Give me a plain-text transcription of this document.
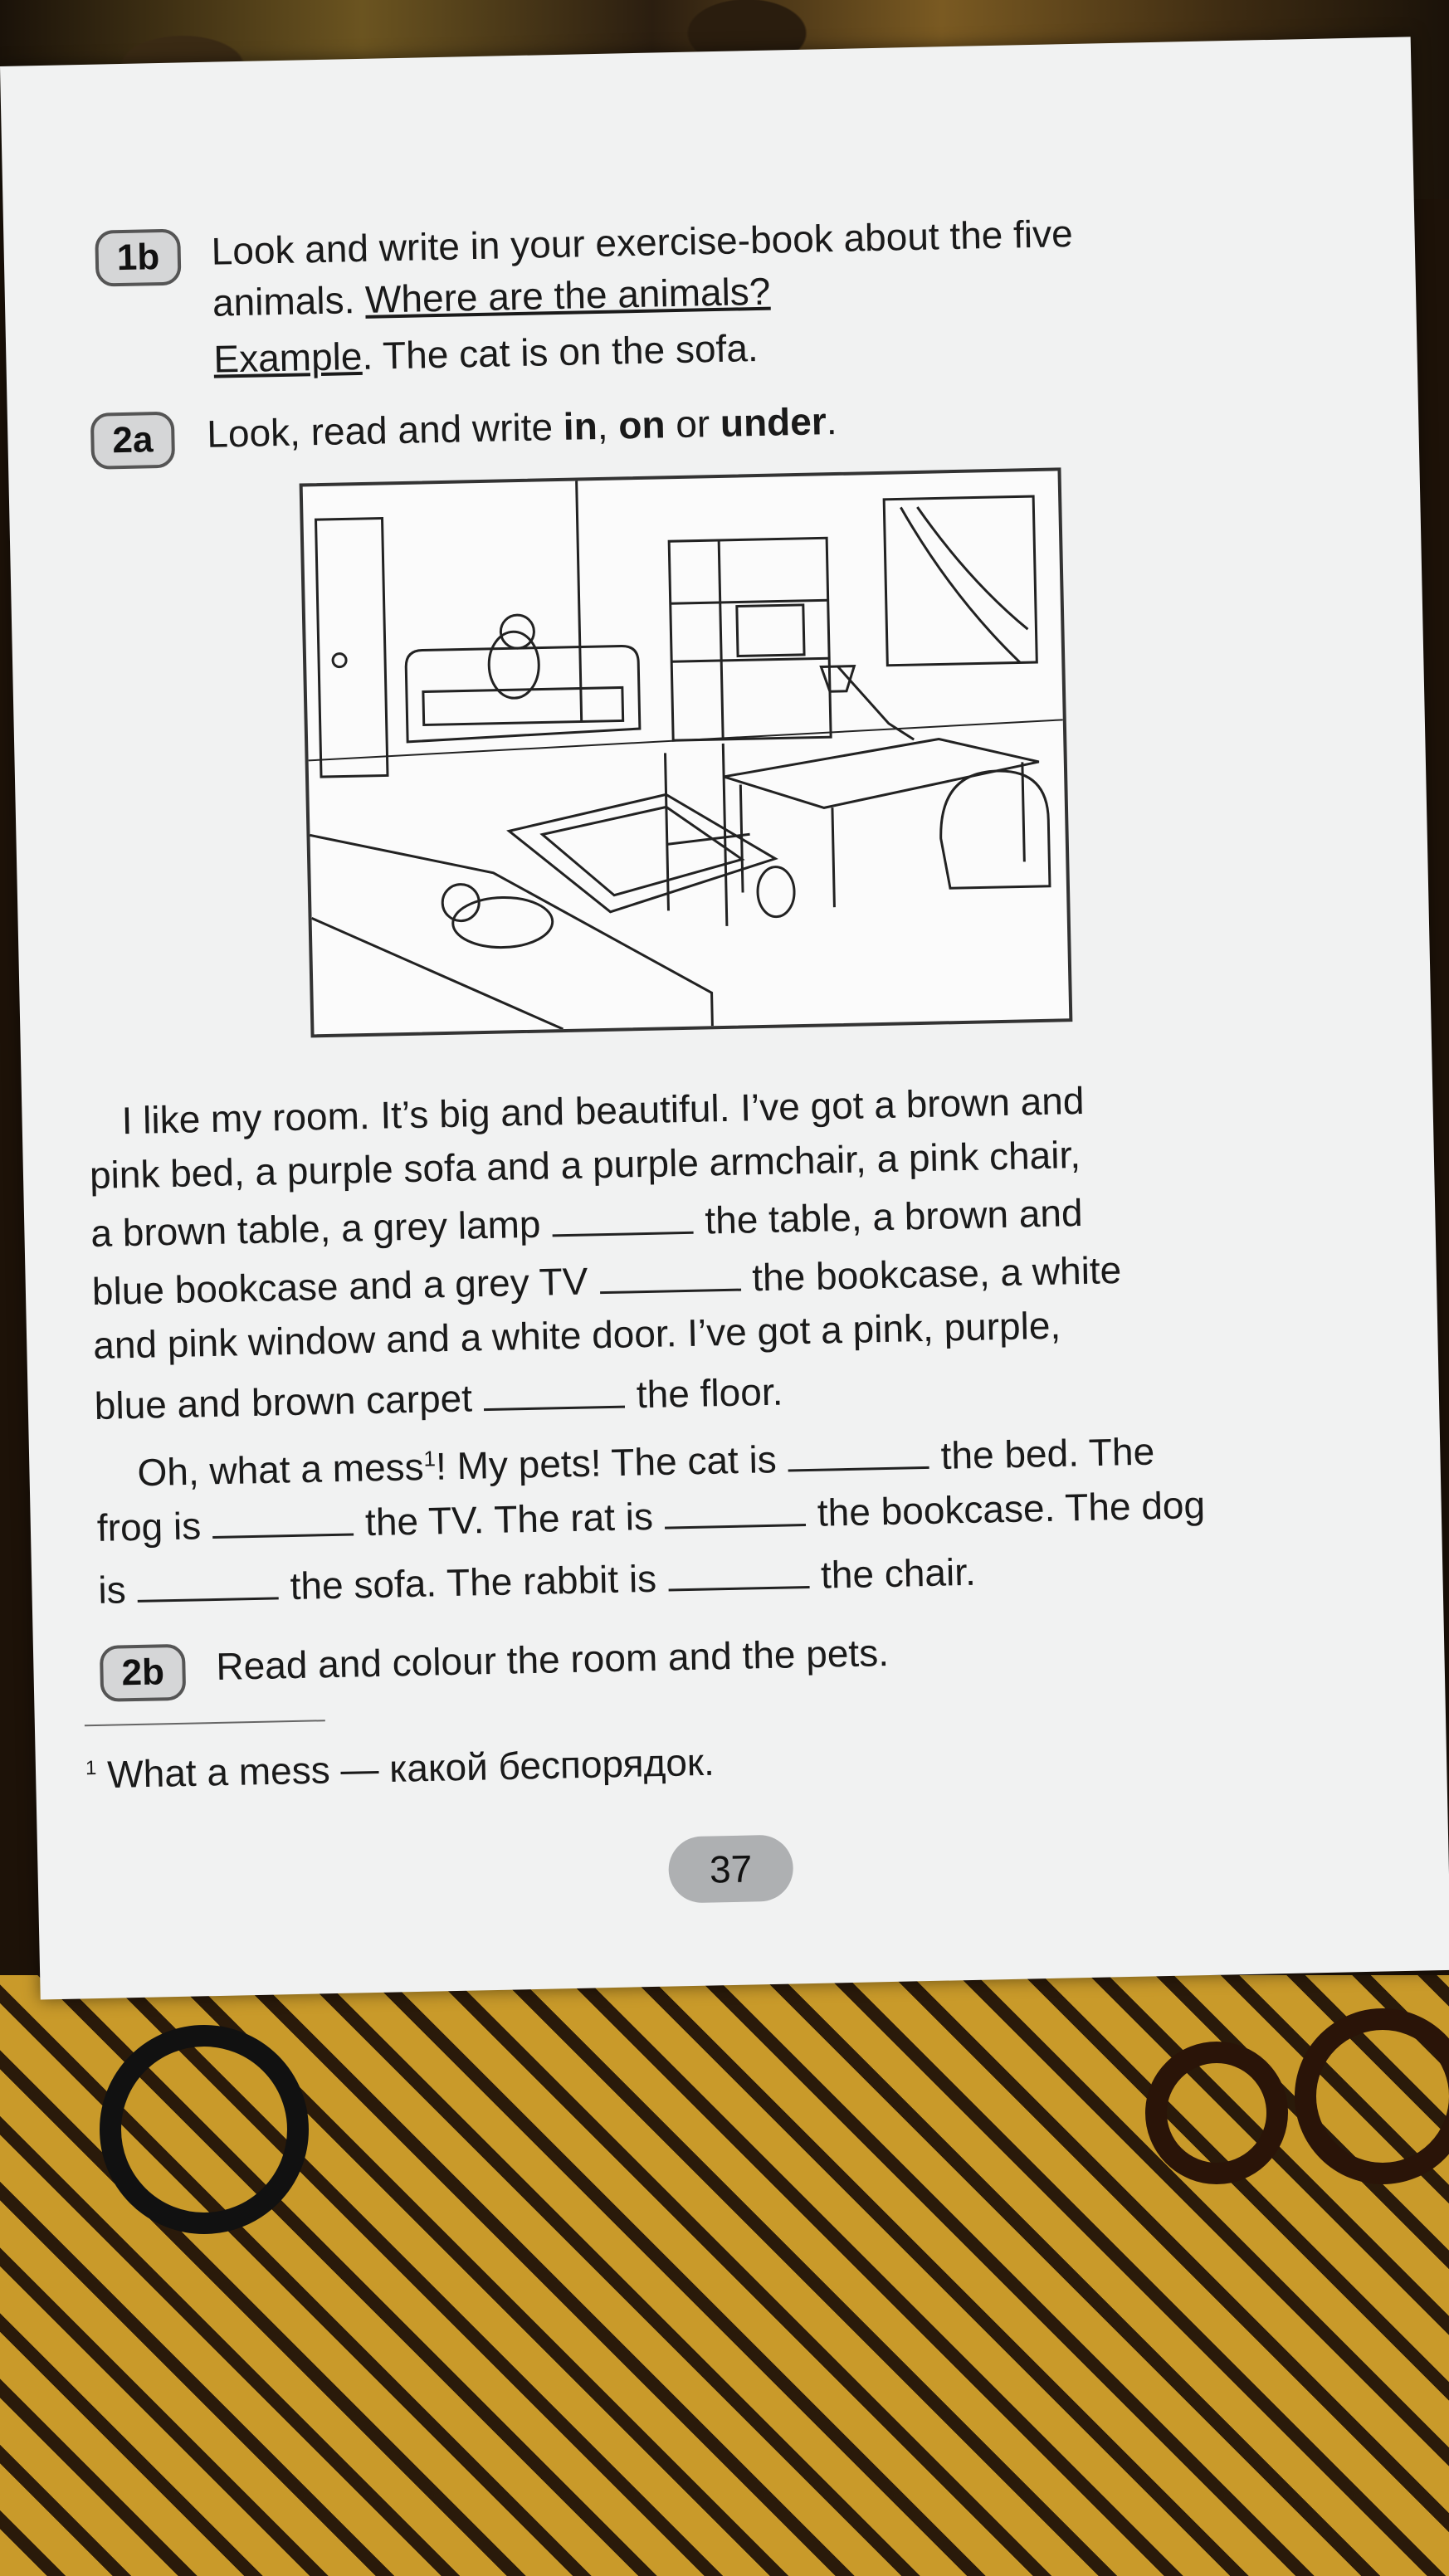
1b	Look and write in your exercise-book about the five
animals. Where are the animals?
Example. The cat is on the sofa.
2a	Look, read and write in, on or under.
I like my room. It’s big and beautiful. I’ve got a brown and
pink bed, a purple sofa and a purple armchair, a pink chair,
a brown table, a grey lamp	the table, a brown and
blue bookcase and a grey TV	the bookcase, a white
and pink window and a white door. I’ve got a pink, purple,
blue and brown carpet	the floor.
Oh, what a mess$^1$! My pets! The cat is	the bed. The
frog is	the TV. The rat is	the bookcase. The dog
is	the sofa. The rabbit is	the chair.
2b	Read and colour the room and the pets.
$^1$ What a mess — какой беспорядок.
37
